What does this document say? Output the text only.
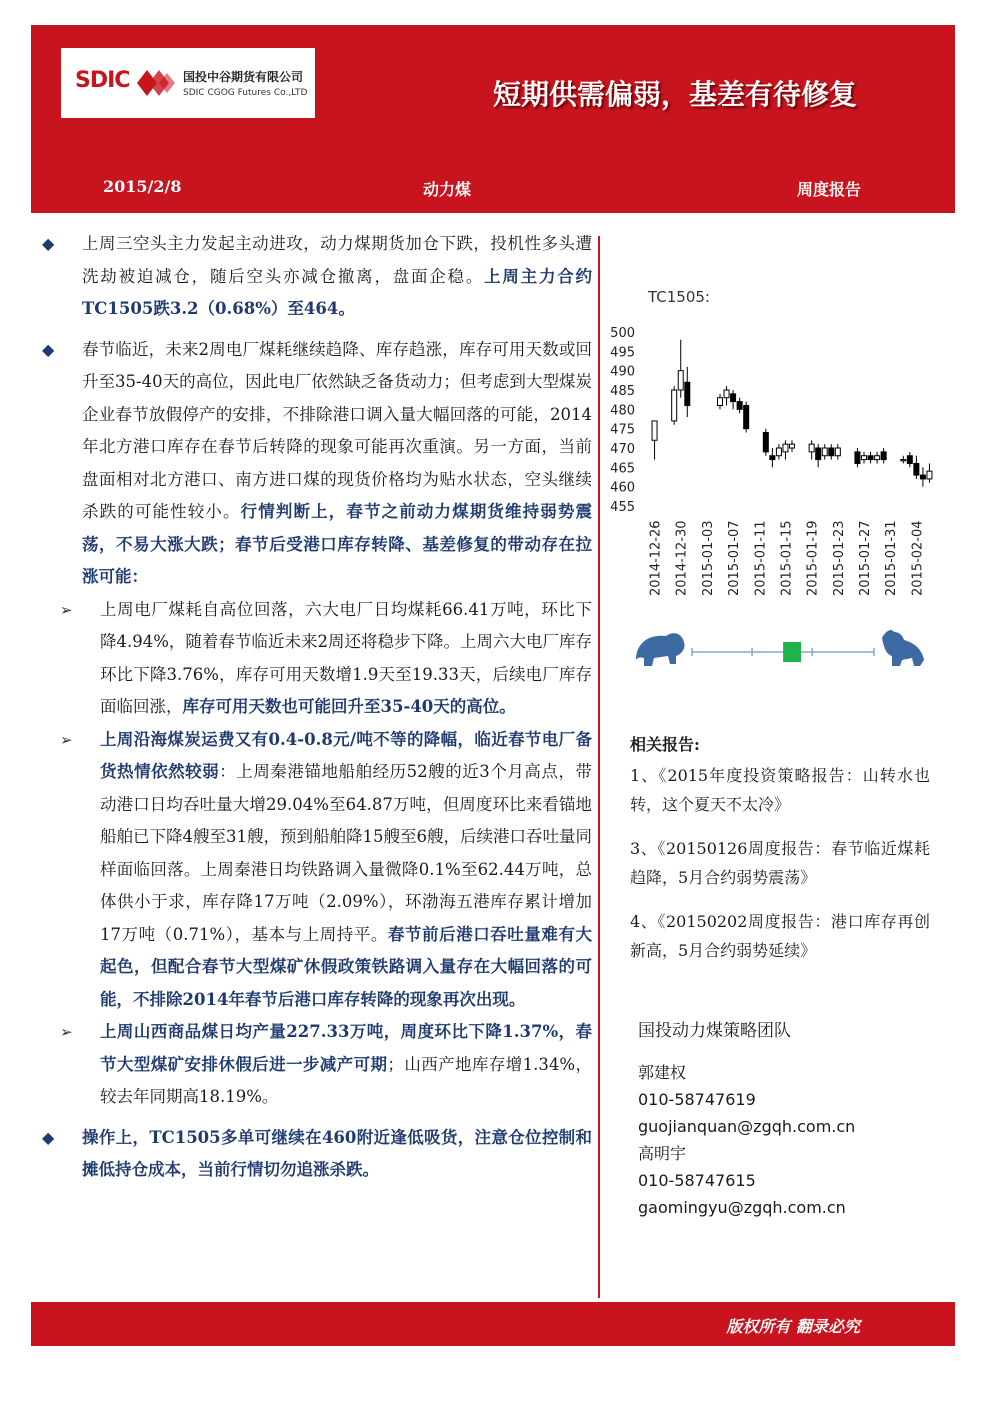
SDIC	国投中谷期货有限公司
SDIC CGOG Futures Co.,LTD	短期供需偏弱，基差有待修复
2015/2/8	动力煤	周度报告

◆ 上周三空头主力发起主动进攻，动力煤期货加仓下跌，投机性多头遭洗劫被迫减仓，随后空头亦减仓撤离，盘面企稳。上周主力合约TC1505跌3.2（0.68%）至464。

◆ 春节临近，未来2周电厂煤耗继续趋降、库存趋涨，库存可用天数或回升至35-40天的高位，因此电厂依然缺乏备货动力；但考虑到大型煤炭企业春节放假停产的安排，不排除港口调入量大幅回落的可能，2014年北方港口库存在春节后转降的现象可能再次重演。另一方面，当前盘面相对北方港口、南方进口煤的现货价格均为贴水状态，空头继续杀跌的可能性较小。行情判断上，春节之前动力煤期货维持弱势震荡，不易大涨大跌；春节后受港口库存转降、基差修复的带动存在拉涨可能：

➢ 上周电厂煤耗自高位回落，六大电厂日均煤耗66.41万吨，环比下降4.94%，随着春节临近未来2周还将稳步下降。上周六大电厂库存环比下降3.76%，库存可用天数增1.9天至19.33天，后续电厂库存面临回涨，库存可用天数也可能回升至35-40天的高位。

➢ 上周沿海煤炭运费又有0.4-0.8元/吨不等的降幅，临近春节电厂备货热情依然较弱：上周秦港锚地船舶经历52艘的近3个月高点，带动港口日均吞吐量大增29.04%至64.87万吨，但周度环比来看锚地船舶已下降4艘至31艘，预到船舶降15艘至6艘，后续港口吞吐量同样面临回落。上周秦港日均铁路调入量微降0.1%至62.44万吨，总体供小于求，库存降17万吨（2.09%），环渤海五港库存累计增加17万吨（0.71%），基本与上周持平。春节前后港口吞吐量难有大起色，但配合春节大型煤矿休假政策铁路调入量存在大幅回落的可能，不排除2014年春节后港口库存转降的现象再次出现。

➢ 上周山西商品煤日均产量227.33万吨，周度环比下降1.37%，春节大型煤矿安排休假后进一步减产可期；山西产地库存增1.34%，较去年同期高18.19%。

◆ 操作上，TC1505多单可继续在460附近逢低吸货，注意仓位控制和摊低持仓成本，当前行情切勿追涨杀跌。

TC1505:
455
460
465
470
475
480
485
490
495
500
2014-12-26 2014-12-30 2015-01-03 2015-01-07 2015-01-11 2015-01-15 2015-01-19 2015-01-23 2015-01-27 2015-01-31 2015-02-04
相关报告:
1、《2015年度投资策略报告：山转水也转，这个夏天不太冷》
3、《20150126周度报告：春节临近煤耗趋降，5月合约弱势震荡》
4、《20150202周度报告：港口库存再创新高，5月合约弱势延续》
国投动力煤策略团队
郭建权
010-58747619
guojianquan@zgqh.com.cn
高明宇
010-58747615
gaomingyu@zgqh.com.cn
版权所有 翻录必究
